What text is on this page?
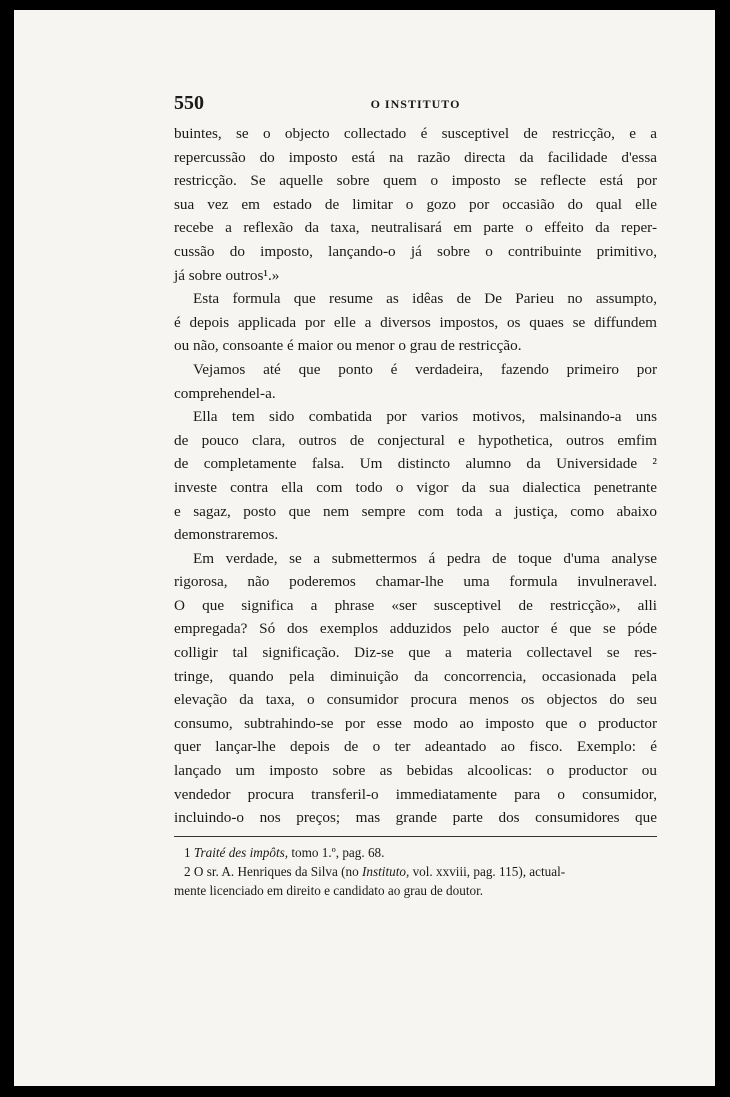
550	O INSTITUTO

buintes, se o objecto collectado é susceptivel de restricção, e a
repercussão do imposto está na razão directa da facilidade d'essa
restricção. Se aquelle sobre quem o imposto se reflecte está por
sua vez em estado de limitar o gozo por occasião do qual elle
recebe a reflexão da taxa, neutralisará em parte o effeito da reper-
cussão do imposto, lançando-o já sobre o contribuinte primitivo,
já sobre outros¹.»

Esta formula que resume as idêas de De Parieu no assumpto,
é depois applicada por elle a diversos impostos, os quaes se diffundem
ou não, consoante é maior ou menor o grau de restricção.

Vejamos até que ponto é verdadeira, fazendo primeiro por
comprehendel-a.

Ella tem sido combatida por varios motivos, malsinando-a uns
de pouco clara, outros de conjectural e hypothetica, outros emfim
de completamente falsa. Um distincto alumno da Universidade ²
investe contra ella com todo o vigor da sua dialectica penetrante
e sagaz, posto que nem sempre com toda a justiça, como abaixo
demonstraremos.

Em verdade, se a submettermos á pedra de toque d'uma analyse
rigorosa, não poderemos chamar-lhe uma formula invulneravel.
O que significa a phrase «ser susceptivel de restricção», alli
empregada? Só dos exemplos adduzidos pelo auctor é que se póde
colligir tal significação. Diz-se que a materia collectavel se res-
tringe, quando pela diminuição da concorrencia, occasionada pela
elevação da taxa, o consumidor procura menos os objectos do seu
consumo, subtrahindo-se por esse modo ao imposto que o productor
quer lançar-lhe depois de o ter adeantado ao fisco. Exemplo: é
lançado um imposto sobre as bebidas alcoolicas: o productor ou
vendedor procura transferil-o immediatamente para o consumidor,
incluindo-o nos preços; mas grande parte dos consumidores que

1 Traité des impôts, tomo 1.º, pag. 68.
2 O sr. A. Henriques da Silva (no Instituto, vol. xxviii, pag. 115), actual-
mente licenciado em direito e candidato ao grau de doutor.
